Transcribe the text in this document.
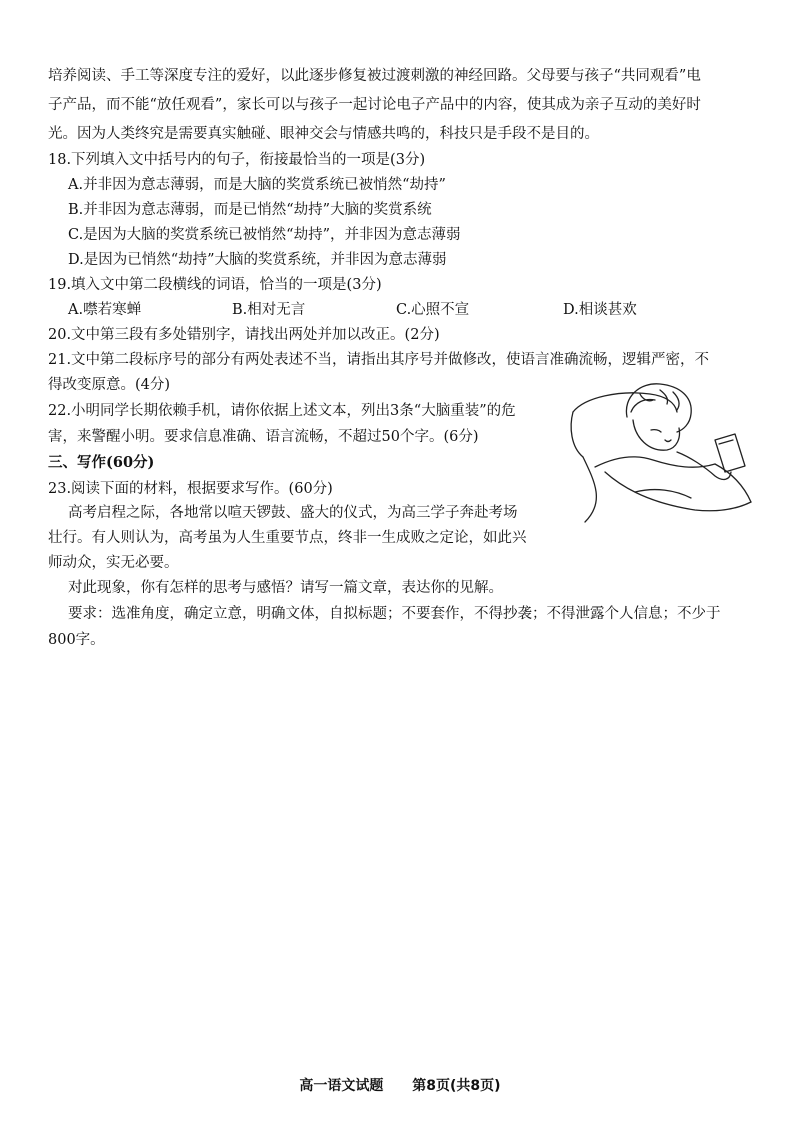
培养阅读、手工等深度专注的爱好，以此逐步修复被过渡刺激的神经回路。父母要与孩子“共同观看”电
子产品，而不能“放任观看”，家长可以与孩子一起讨论电子产品中的内容，使其成为亲子互动的美好时
光。因为人类终究是需要真实触碰、眼神交会与情感共鸣的，科技只是手段不是目的。
18.下列填入文中括号内的句子，衔接最恰当的一项是(3分)
A.并非因为意志薄弱，而是大脑的奖赏系统已被悄然“劫持”
B.并非因为意志薄弱，而是已悄然“劫持”大脑的奖赏系统
C.是因为大脑的奖赏系统已被悄然“劫持”，并非因为意志薄弱
D.是因为已悄然“劫持”大脑的奖赏系统，并非因为意志薄弱
19.填入文中第二段横线的词语，恰当的一项是(3分)
A.噤若寒蝉	B.相对无言	C.心照不宣	D.相谈甚欢
20.文中第三段有多处错别字，请找出两处并加以改正。(2分)
21.文中第二段标序号的部分有两处表述不当，请指出其序号并做修改，使语言准确流畅，逻辑严密，不
得改变原意。(4分)
22.小明同学长期依赖手机，请你依据上述文本，列出3条“大脑重装”的危
害，来警醒小明。要求信息准确、语言流畅，不超过50个字。(6分)
三、写作(60分)
23.阅读下面的材料，根据要求写作。(60分)
高考启程之际，各地常以喧天锣鼓、盛大的仪式，为高三学子奔赴考场
壮行。有人则认为，高考虽为人生重要节点，终非一生成败之定论，如此兴
师动众，实无必要。
对此现象，你有怎样的思考与感悟？请写一篇文章，表达你的见解。
要求：选准角度，确定立意，明确文体，自拟标题；不要套作，不得抄袭；不得泄露个人信息；不少于
800字。
高一语文试题 第8页(共8页)
